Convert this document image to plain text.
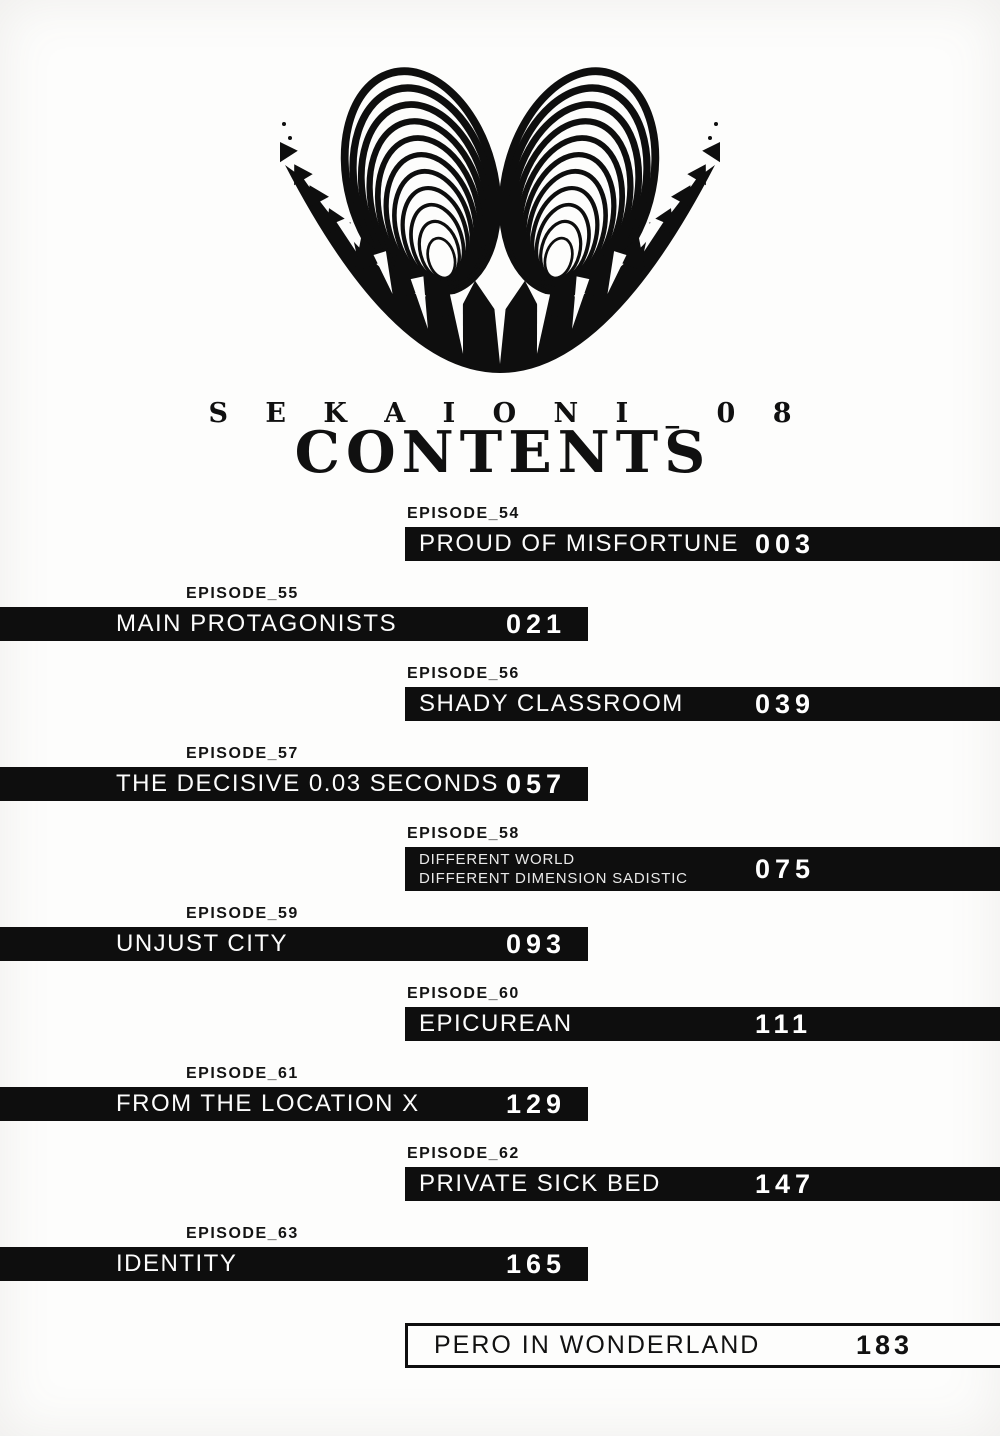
S E K A I O N I _ 0 8
CONTENTS
EPISODE_54
PROUD OF MISFORTUNE 003
EPISODE_55
MAIN PROTAGONISTS	021
EPISODE_56
SHADY CLASSROOM	039
EPISODE_57
THE DECISIVE 0.03 SECONDS 057
EPISODE_58
DIFFERENT WORLD
DIFFERENT DIMENSION SADISTIC 075
EPISODE_59
UNJUST CITY	093
EPISODE_60
EPICUREAN	111
EPISODE_61
FROM THE LOCATION X	129
EPISODE_62
PRIVATE SICK BED	147
EPISODE_63
IDENTITY	165
PERO IN WONDERLAND	183
